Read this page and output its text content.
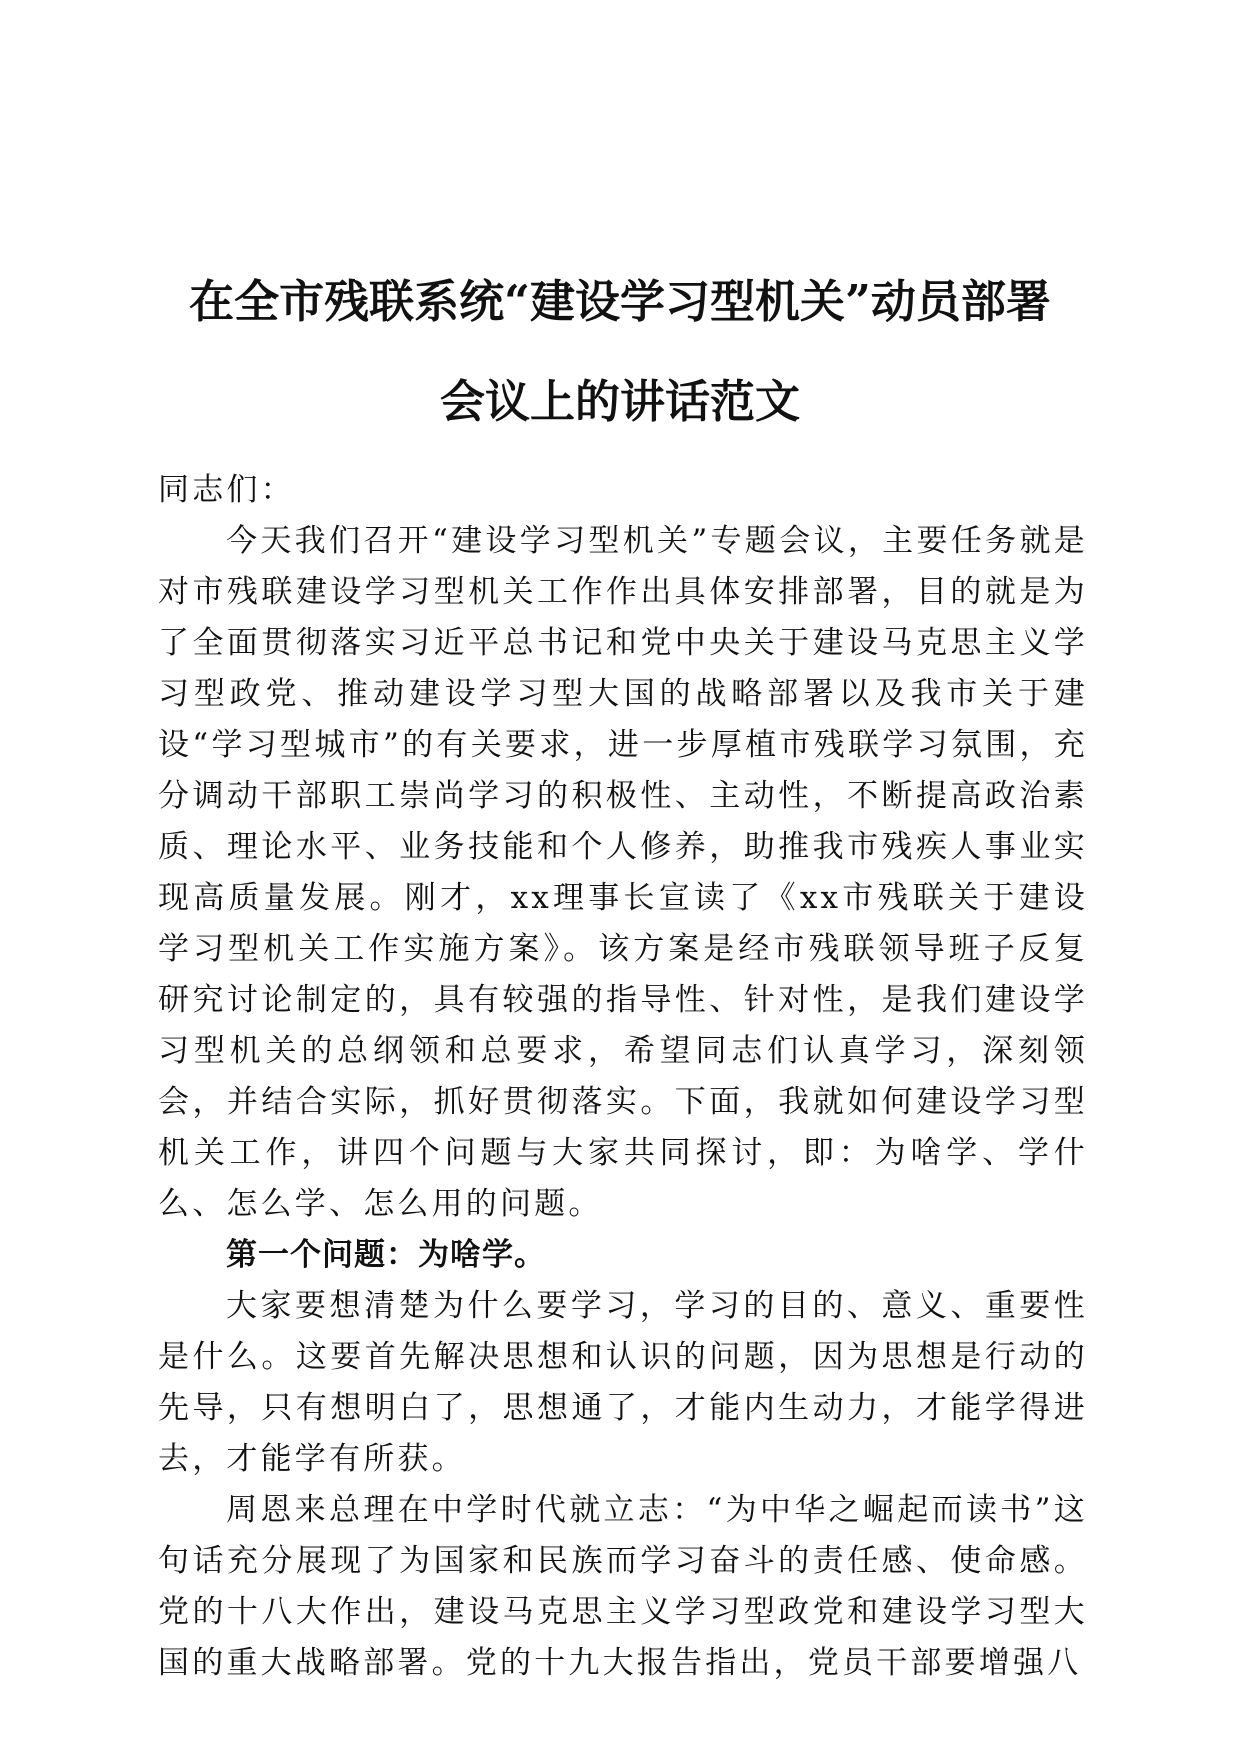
在全市残联系统“建设学习型机关”动员部署
会议上的讲话范文

同志们：

今天我们召开“建设学习型机关”专题会议，主要任务就是对市残联建设学习型机关工作作出具体安排部署，目的就是为了全面贯彻落实习近平总书记和党中央关于建设马克思主义学习型政党、推动建设学习型大国的战略部署以及我市关于建设“学习型城市”的有关要求，进一步厚植市残联学习氛围，充分调动干部职工崇尚学习的积极性、主动性，不断提高政治素质、理论水平、业务技能和个人修养，助推我市残疾人事业实现高质量发展。刚才，xx理事长宣读了《xx市残联关于建设学习型机关工作实施方案》。该方案是经市残联领导班子反复研究讨论制定的，具有较强的指导性、针对性，是我们建设学习型机关的总纲领和总要求，希望同志们认真学习，深刻领会，并结合实际，抓好贯彻落实。下面，我就如何建设学习型机关工作，讲四个问题与大家共同探讨，即：为啥学、学什么、怎么学、怎么用的问题。

第一个问题：为啥学。

大家要想清楚为什么要学习，学习的目的、意义、重要性是什么。这要首先解决思想和认识的问题，因为思想是行动的先导，只有想明白了，思想通了，才能内生动力，才能学得进去，才能学有所获。

周恩来总理在中学时代就立志：“为中华之崛起而读书”这句话充分展现了为国家和民族而学习奋斗的责任感、使命感。党的十八大作出，建设马克思主义学习型政党和建设学习型大国的重大战略部署。党的十九大报告指出，党员干部要增强八
